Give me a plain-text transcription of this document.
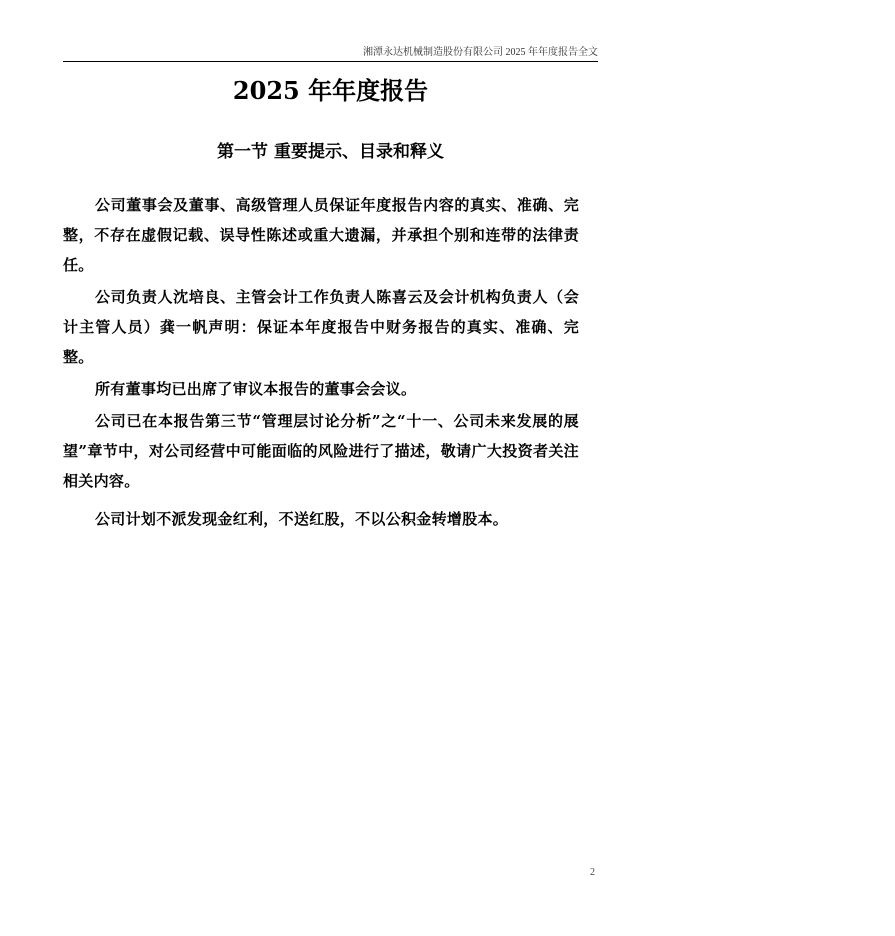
湘潭永达机械制造股份有限公司 2025 年年度报告全文
2025 年年度报告
第一节 重要提示、目录和释义

公司董事会及董事、高级管理人员保证年度报告内容的真实、准确、完整，不存在虚假记载、误导性陈述或重大遗漏，并承担个别和连带的法律责任。

公司负责人沈培良、主管会计工作负责人陈喜云及会计机构负责人（会计主管人员）龚一帆声明：保证本年度报告中财务报告的真实、准确、完整。

所有董事均已出席了审议本报告的董事会会议。

公司已在本报告第三节“管理层讨论分析”之“十一、公司未来发展的展望”章节中，对公司经营中可能面临的风险进行了描述，敬请广大投资者关注相关内容。

公司计划不派发现金红利，不送红股，不以公积金转增股本。

2
